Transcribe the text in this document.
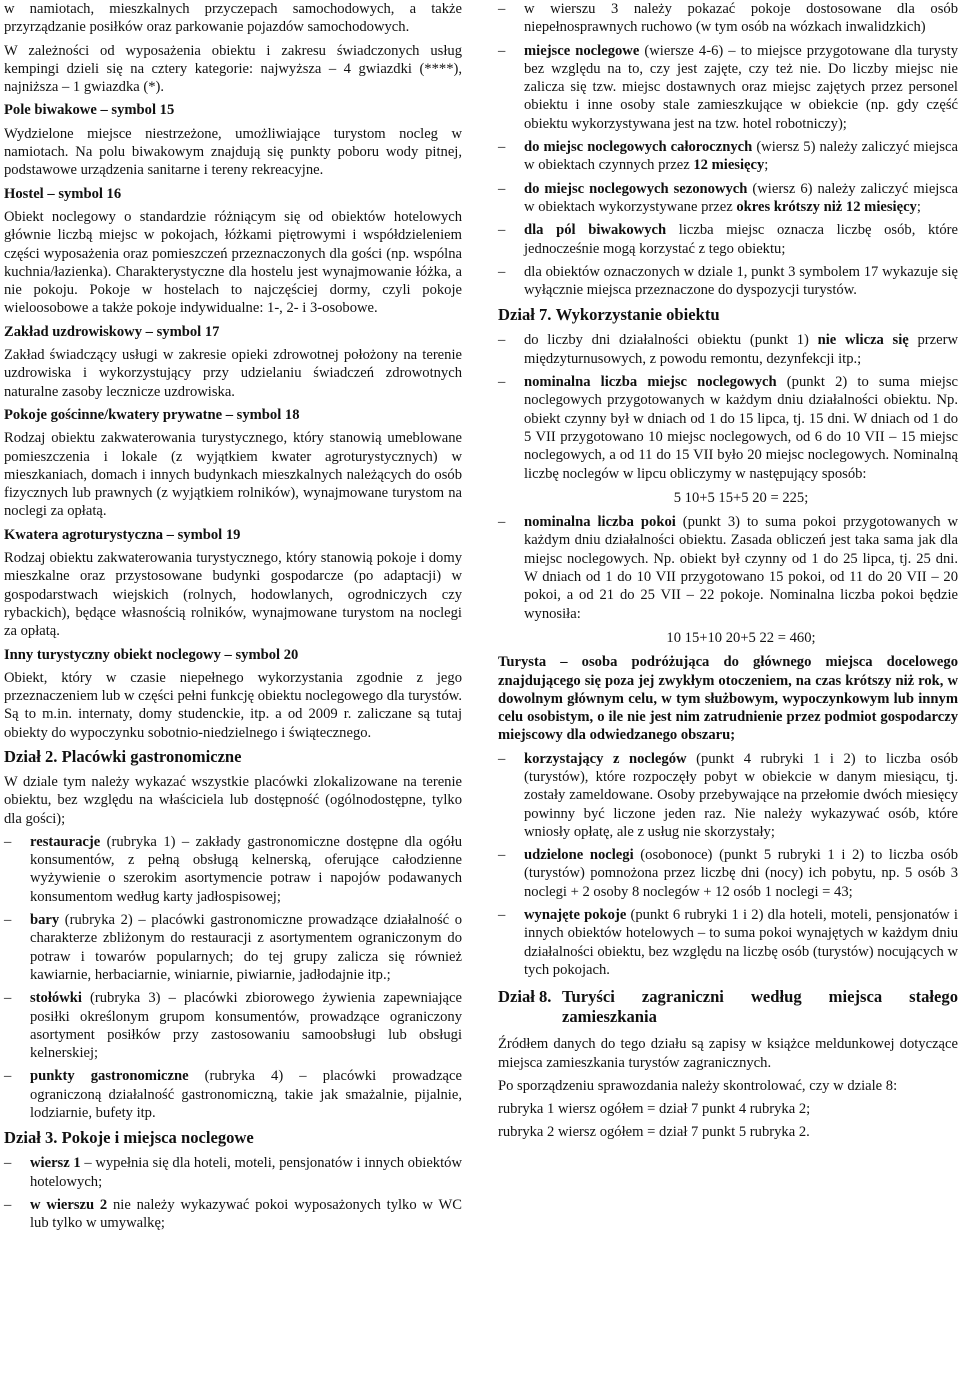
w namiotach, mieszkalnych przyczepach samochodowych, a także przyrządzanie posiłków oraz parkowanie pojazdów samochodowych.

W zależności od wyposażenia obiektu i zakresu świadczonych usług kempingi dzieli się na cztery kategorie: najwyższa – 4 gwiazdki (****), najniższa – 1 gwiazdka (*).

Pole biwakowe – symbol 15

Wydzielone miejsce niestrzeżone, umożliwiające turystom nocleg w namiotach. Na polu biwakowym znajdują się punkty poboru wody pitnej, podstawowe urządzenia sanitarne i tereny rekreacyjne.

Hostel – symbol 16

Obiekt noclegowy o standardzie różniącym się od obiektów hotelowych głównie liczbą miejsc w pokojach, łóżkami piętrowymi i współdzieleniem części wyposażenia oraz pomieszczeń przeznaczonych dla gości (np. wspólna kuchnia/łazienka). Charakterystyczne dla hostelu jest wynajmowanie łóżka, a nie pokoju. Pokoje w hostelach to najczęściej dormy, czyli pokoje wieloosobowe a także pokoje indywidualne: 1-, 2- i 3-osobowe.

Zakład uzdrowiskowy – symbol 17

Zakład świadczący usługi w zakresie opieki zdrowotnej położony na terenie uzdrowiska i wykorzystujący przy udzielaniu świadczeń zdrowotnych naturalne zasoby lecznicze uzdrowiska.

Pokoje gościnne/kwatery prywatne – symbol 18

Rodzaj obiektu zakwaterowania turystycznego, który stanowią umeblowane pomieszczenia i lokale (z wyjątkiem kwater agroturystycznych) w mieszkaniach, domach i innych budynkach mieszkalnych należących do osób fizycznych lub prawnych (z wyjątkiem rolników), wynajmowane turystom na noclegi za opłatą.

Kwatera agroturystyczna – symbol 19

Rodzaj obiektu zakwaterowania turystycznego, który stanowią pokoje i domy mieszkalne oraz przystosowane budynki gospodarcze (po adaptacji) w gospodarstwach wiejskich (rolnych, hodowlanych, ogrodniczych czy rybackich), będące własnością rolników, wynajmowane turystom na noclegi za opłatą.

Inny turystyczny obiekt noclegowy – symbol 20

Obiekt, który w czasie niepełnego wykorzystania zgodnie z jego przeznaczeniem lub w części pełni funkcję obiektu noclegowego dla turystów. Są to m.in. internaty, domy studenckie, itp. a od 2009 r. zaliczane są tutaj obiekty do wypoczynku sobotnio-niedzielnego i świątecznego.

Dział 2. Placówki gastronomiczne

W dziale tym należy wykazać wszystkie placówki zlokalizowane na terenie obiektu, bez względu na właściciela lub dostępność (ogólnodostępne, tylko dla gości);

– restauracje (rubryka 1) – zakłady gastronomiczne dostępne dla ogółu konsumentów, z pełną obsługą kelnerską, oferujące całodzienne wyżywienie o szerokim asortymencie potraw i napojów podawanych konsumentom według karty jadłospisowej;
– bary (rubryka 2) – placówki gastronomiczne prowadzące działalność o charakterze zbliżonym do restauracji z asortymentem ograniczonym do potraw i towarów popularnych; do tej grupy zalicza się również kawiarnie, herbaciarnie, winiarnie, piwiarnie, jadłodajnie itp.;
– stołówki (rubryka 3) – placówki zbiorowego żywienia zapewniające posiłki określonym grupom konsumentów, prowadzące ograniczony asortyment posiłków przy zastosowaniu samoobsługi lub obsługi kelnerskiej;
– punkty gastronomiczne (rubryka 4) – placówki prowadzące ograniczoną działalność gastronomiczną, takie jak smażalnie, pijalnie, lodziarnie, bufety itp.
Dział 3. Pokoje i miejsca noclegowe
– wiersz 1 – wypełnia się dla hoteli, moteli, pensjonatów i innych obiektów hotelowych;
– w wierszu 2 nie należy wykazywać pokoi wyposażonych tylko w WC lub tylko w umywalkę;
– w wierszu 3 należy pokazać pokoje dostosowane dla osób niepełnosprawnych ruchowo (w tym osób na wózkach inwalidzkich)
– miejsce noclegowe (wiersze 4-6) – to miejsce przygotowane dla turysty bez względu na to, czy jest zajęte, czy też nie. Do liczby miejsc nie zalicza się tzw. miejsc dostawnych oraz miejsc zajętych przez personel obiektu i inne osoby stale zamieszkujące w obiekcie (np. gdy część obiektu wykorzystywana jest na tzw. hotel robotniczy);
– do miejsc noclegowych całorocznych (wiersz 5) należy zaliczyć miejsca w obiektach czynnych przez 12 miesięcy;
– do miejsc noclegowych sezonowych (wiersz 6) należy zaliczyć miejsca w obiektach wykorzystywane przez okres krótszy niż 12 miesięcy;
– dla pól biwakowych liczba miejsc oznacza liczbę osób, które jednocześnie mogą korzystać z tego obiektu;
– dla obiektów oznaczonych w dziale 1, punkt 3 symbolem 17 wykazuje się wyłącznie miejsca przeznaczone do dyspozycji turystów.
Dział 7. Wykorzystanie obiektu
– do liczby dni działalności obiektu (punkt 1) nie wlicza się przerw międzyturnusowych, z powodu remontu, dezynfekcji itp.;
– nominalna liczba miejsc noclegowych (punkt 2) to suma miejsc noclegowych przygotowanych w każdym dniu działalności obiektu. Np. obiekt czynny był w dniach od 1 do 15 lipca, tj. 15 dni. W dniach od 1 do 5 VII przygotowano 10 miejsc noclegowych, od 6 do 10 VII – 15 miejsc noclegowych, a od 11 do 15 VII było 20 miejsc noclegowych. Nominalną liczbę noclegów w lipcu obliczymy w następujący sposób:
5 10+5 15+5 20 = 225;
– nominalna liczba pokoi (punkt 3) to suma pokoi przygotowanych w każdym dniu działalności obiektu. Zasada obliczeń jest taka sama jak dla miejsc noclegowych. Np. obiekt był czynny od 1 do 25 lipca, tj. 25 dni. W dniach od 1 do 10 VII przygotowano 15 pokoi, od 11 do 20 VII – 20 pokoi, a od 21 do 25 VII – 22 pokoje. Nominalna liczba pokoi będzie wynosiła:
10 15+10 20+5 22 = 460;

Turysta – osoba podróżująca do głównego miejsca docelowego znajdującego się poza jej zwykłym otoczeniem, na czas krótszy niż rok, w dowolnym głównym celu, w tym służbowym, wypoczynkowym lub innym celu osobistym, o ile nie jest nim zatrudnienie przez podmiot gospodarczy miejscowy dla odwiedzanego obszaru;

– korzystający z noclegów (punkt 4 rubryki 1 i 2) to liczba osób (turystów), które rozpoczęły pobyt w obiekcie w danym miesiącu, tj. zostały zameldowane. Osoby przebywające na przełomie dwóch miesięcy powinny być liczone jeden raz. Nie należy wykazywać osób, które wniosły opłatę, ale z usług nie skorzystały;
– udzielone noclegi (osobonoce) (punkt 5 rubryki 1 i 2) to liczba osób (turystów) pomnożona przez liczbę dni (nocy) ich pobytu, np. 5 osób 3 noclegi + 2 osoby 8 noclegów + 12 osób 1 noclegi = 43;
– wynajęte pokoje (punkt 6 rubryki 1 i 2) dla hoteli, moteli, pensjonatów i innych obiektów hotelowych – to suma pokoi wynajętych w każdym dniu działalności obiektu, bez względu na liczbę osób (turystów) nocujących w tych pokojach.
Dział 8. Turyści zagraniczni według miejsca stałego zamieszkania

Źródłem danych do tego działu są zapisy w książce meldunkowej dotyczące miejsca zamieszkania turystów zagranicznych.

Po sporządzeniu sprawozdania należy skontrolować, czy w dziale 8:

rubryka 1 wiersz ogółem = dział 7 punkt 4 rubryka 2;

rubryka 2 wiersz ogółem = dział 7 punkt 5 rubryka 2.
